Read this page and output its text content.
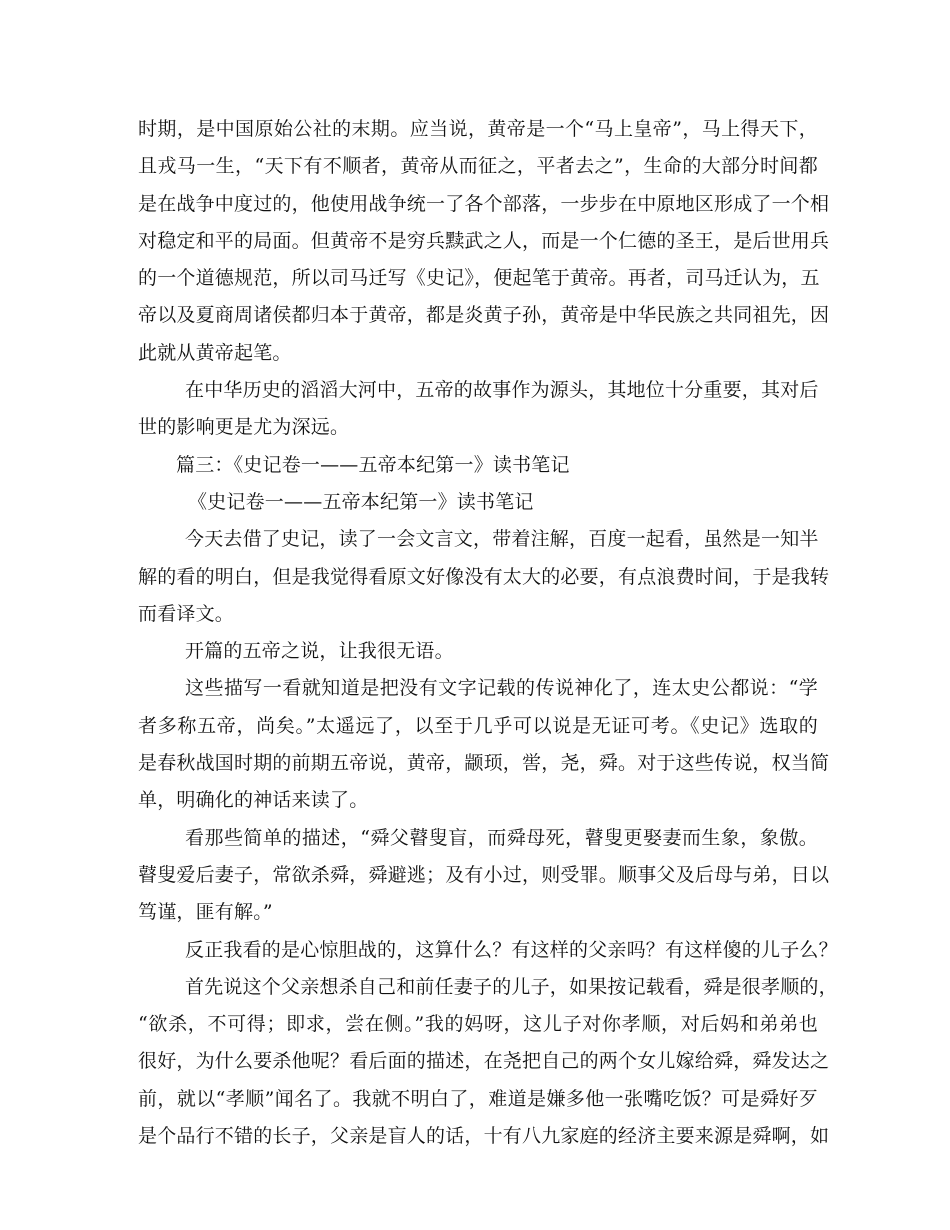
时期，是中国原始公社的末期。应当说，黄帝是一个“马上皇帝”，马上得天下，
且戎马一生，“天下有不顺者，黄帝从而征之，平者去之”，生命的大部分时间都
是在战争中度过的，他使用战争统一了各个部落，一步步在中原地区形成了一个相
对稳定和平的局面。但黄帝不是穷兵黩武之人，而是一个仁德的圣王，是后世用兵
的一个道德规范，所以司马迁写《史记》，便起笔于黄帝。再者，司马迁认为，五
帝以及夏商周诸侯都归本于黄帝，都是炎黄子孙，黄帝是中华民族之共同祖先，因
此就从黄帝起笔。
在中华历史的滔滔大河中，五帝的故事作为源头，其地位十分重要，其对后
世的影响更是尤为深远。
篇三：《史记卷一——五帝本纪第一》读书笔记
《史记卷一——五帝本纪第一》读书笔记
今天去借了史记，读了一会文言文，带着注解，百度一起看，虽然是一知半
解的看的明白，但是我觉得看原文好像没有太大的必要，有点浪费时间，于是我转
而看译文。
开篇的五帝之说，让我很无语。
这些描写一看就知道是把没有文字记载的传说神化了，连太史公都说：“学
者多称五帝，尚矣。”太遥远了，以至于几乎可以说是无证可考。《史记》选取的
是春秋战国时期的前期五帝说，黄帝，颛顼，喾，尧，舜。对于这些传说，权当简
单，明确化的神话来读了。
看那些简单的描述，“舜父瞽叟盲，而舜母死，瞽叟更娶妻而生象，象傲。
瞽叟爱后妻子，常欲杀舜，舜避逃；及有小过，则受罪。顺事父及后母与弟，日以
笃谨，匪有解。”
反正我看的是心惊胆战的，这算什么？有这样的父亲吗？有这样傻的儿子么？
首先说这个父亲想杀自己和前任妻子的儿子，如果按记载看，舜是很孝顺的，
“欲杀，不可得；即求，尝在侧。”我的妈呀，这儿子对你孝顺，对后妈和弟弟也
很好，为什么要杀他呢？看后面的描述，在尧把自己的两个女儿嫁给舜，舜发达之
前，就以“孝顺”闻名了。我就不明白了，难道是嫌多他一张嘴吃饭？可是舜好歹
是个品行不错的长子，父亲是盲人的话，十有八九家庭的经济主要来源是舜啊，如
